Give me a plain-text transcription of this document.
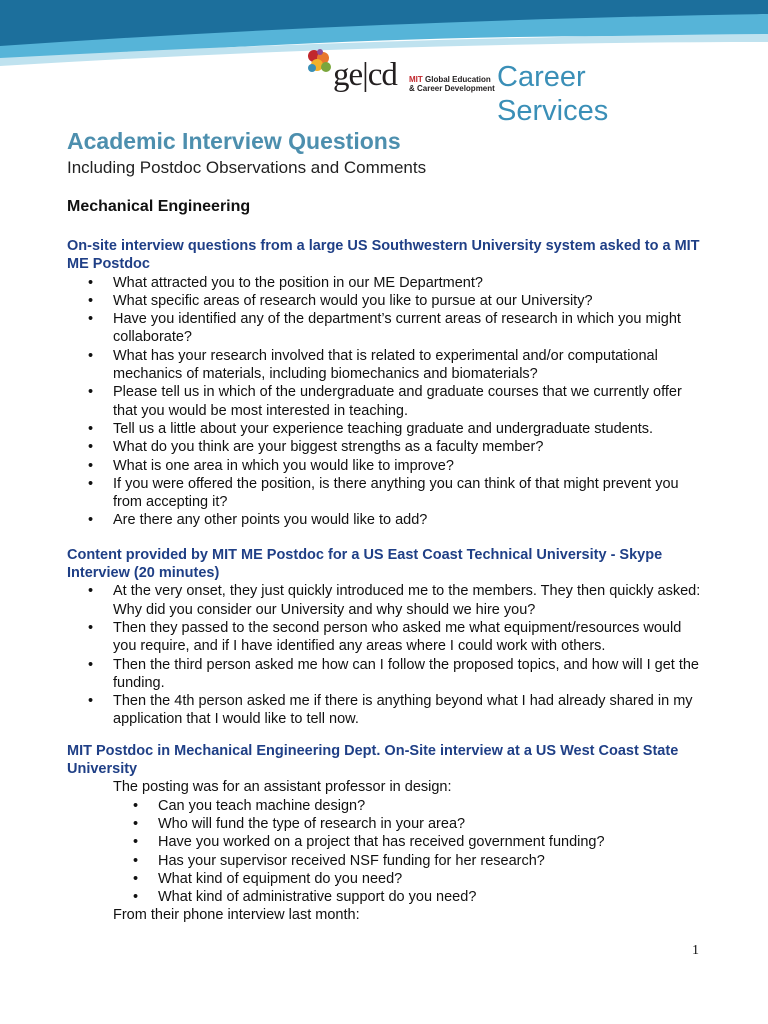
ge|cd MIT Global Education
& Career Development Career Services
Academic Interview Questions
Including Postdoc Observations and Comments
Mechanical Engineering
On-site interview questions from a large US Southwestern University system asked to a MIT ME Postdoc
• What attracted you to the position in our ME Department?
• What specific areas of research would you like to pursue at our University?
• Have you identified any of the department’s current areas of research in which you might collaborate?
• What has your research involved that is related to experimental and/or computational mechanics of materials, including biomechanics and biomaterials?
• Please tell us in which of the undergraduate and graduate courses that we currently offer that you would be most interested in teaching.
• Tell us a little about your experience teaching graduate and undergraduate students.
• What do you think are your biggest strengths as a faculty member?
• What is one area in which you would like to improve?
• If you were offered the position, is there anything you can think of that might prevent you from accepting it?
• Are there any other points you would like to add?
Content provided by MIT ME Postdoc for a US East Coast Technical University - Skype Interview (20 minutes)
• At the very onset, they just quickly introduced me to the members. They then quickly asked: Why did you consider our University and why should we hire you?
• Then they passed to the second person who asked me what equipment/resources would you require, and if I have identified any areas where I could work with others.
• Then the third person asked me how can I follow the proposed topics, and how will I get the funding.
• Then the 4th person asked me if there is anything beyond what I had already shared in my application that I would like to tell now.
MIT Postdoc in Mechanical Engineering Dept. On-Site interview at a US West Coast State University
The posting was for an assistant professor in design:
• Can you teach machine design?
• Who will fund the type of research in your area?
• Have you worked on a project that has received government funding?
• Has your supervisor received NSF funding for her research?
• What kind of equipment do you need?
• What kind of administrative support do you need?
From their phone interview last month:
1
